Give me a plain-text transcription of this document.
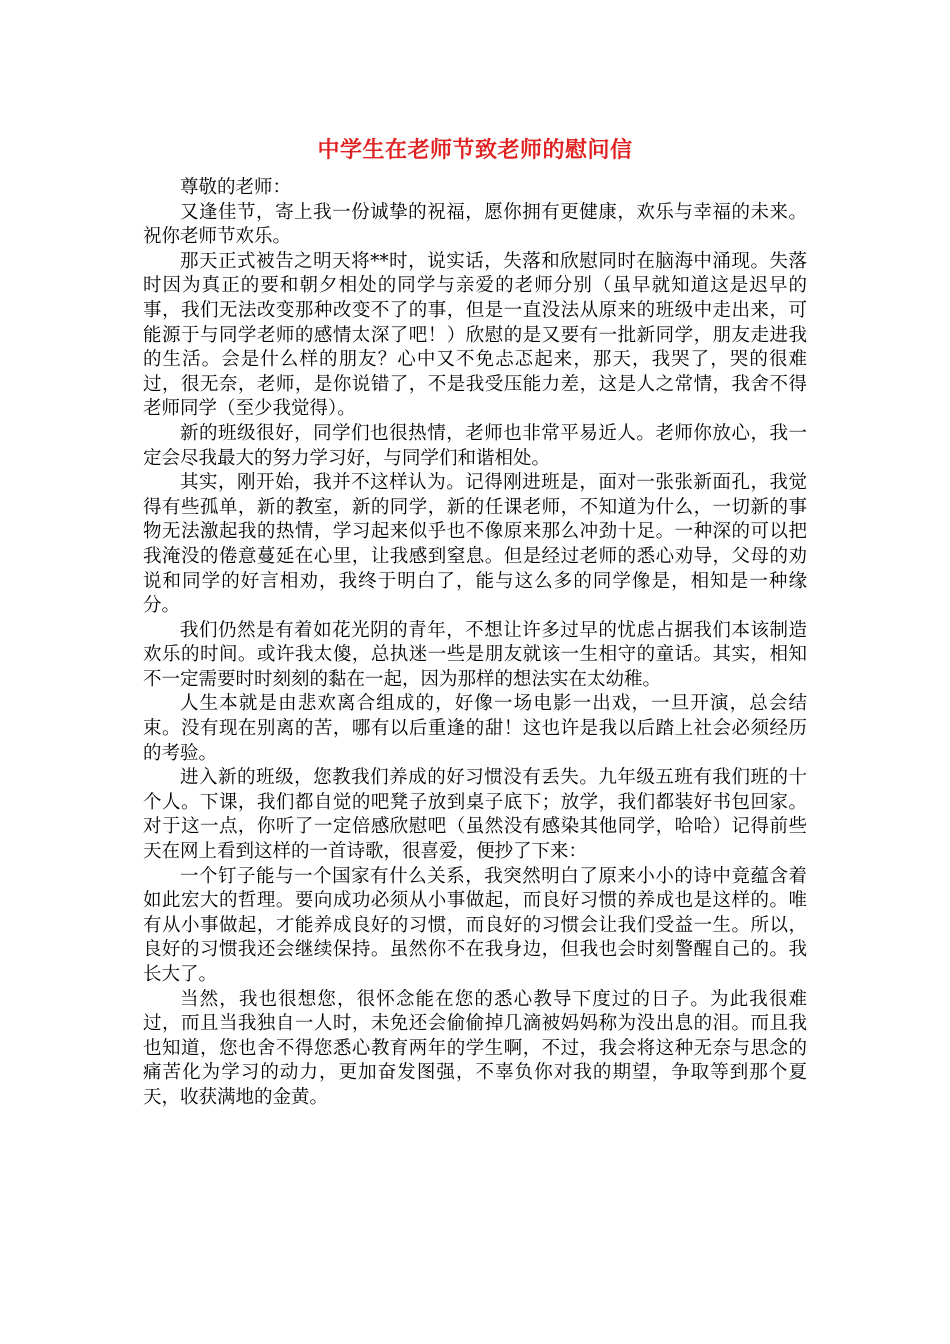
中学生在老师节致老师的慰问信

尊敬的老师：

又逢佳节，寄上我一份诚挚的祝福，愿你拥有更健康，欢乐与幸福的未来。祝你老师节欢乐。

那天正式被告之明天将**时，说实话，失落和欣慰同时在脑海中涌现。失落时因为真正的要和朝夕相处的同学与亲爱的老师分别（虽早就知道这是迟早的事，我们无法改变那种改变不了的事，但是一直没法从原来的班级中走出来，可能源于与同学老师的感情太深了吧！）欣慰的是又要有一批新同学，朋友走进我的生活。会是什么样的朋友？心中又不免忐忑起来，那天，我哭了，哭的很难过，很无奈，老师，是你说错了，不是我受压能力差，这是人之常情，我舍不得老师同学（至少我觉得）。

新的班级很好，同学们也很热情，老师也非常平易近人。老师你放心，我一定会尽我最大的努力学习好，与同学们和谐相处。

其实，刚开始，我并不这样认为。记得刚进班是，面对一张张新面孔，我觉得有些孤单，新的教室，新的同学，新的任课老师，不知道为什么，一切新的事物无法激起我的热情，学习起来似乎也不像原来那么冲劲十足。一种深的可以把我淹没的倦意蔓延在心里，让我感到窒息。但是经过老师的悉心劝导，父母的劝说和同学的好言相劝，我终于明白了，能与这么多的同学像是，相知是一种缘分。

我们仍然是有着如花光阴的青年，不想让许多过早的忧虑占据我们本该制造欢乐的时间。或许我太傻，总执迷一些是朋友就该一生相守的童话。其实，相知不一定需要时时刻刻的黏在一起，因为那样的想法实在太幼稚。

人生本就是由悲欢离合组成的，好像一场电影一出戏，一旦开演，总会结束。没有现在别离的苦，哪有以后重逢的甜！这也许是我以后踏上社会必须经历的考验。

进入新的班级，您教我们养成的好习惯没有丢失。九年级五班有我们班的十个人。下课，我们都自觉的吧凳子放到桌子底下；放学，我们都装好书包回家。对于这一点，你听了一定倍感欣慰吧（虽然没有感染其他同学，哈哈）记得前些天在网上看到这样的一首诗歌，很喜爱，便抄了下来：

一个钉子能与一个国家有什么关系，我突然明白了原来小小的诗中竟蕴含着如此宏大的哲理。要向成功必须从小事做起，而良好习惯的养成也是这样的。唯有从小事做起，才能养成良好的习惯，而良好的习惯会让我们受益一生。所以，良好的习惯我还会继续保持。虽然你不在我身边，但我也会时刻警醒自己的。我长大了。

当然，我也很想您，很怀念能在您的悉心教导下度过的日子。为此我很难过，而且当我独自一人时，未免还会偷偷掉几滴被妈妈称为没出息的泪。而且我也知道，您也舍不得您悉心教育两年的学生啊，不过，我会将这种无奈与思念的痛苦化为学习的动力，更加奋发图强，不辜负你对我的期望，争取等到那个夏天，收获满地的金黄。
